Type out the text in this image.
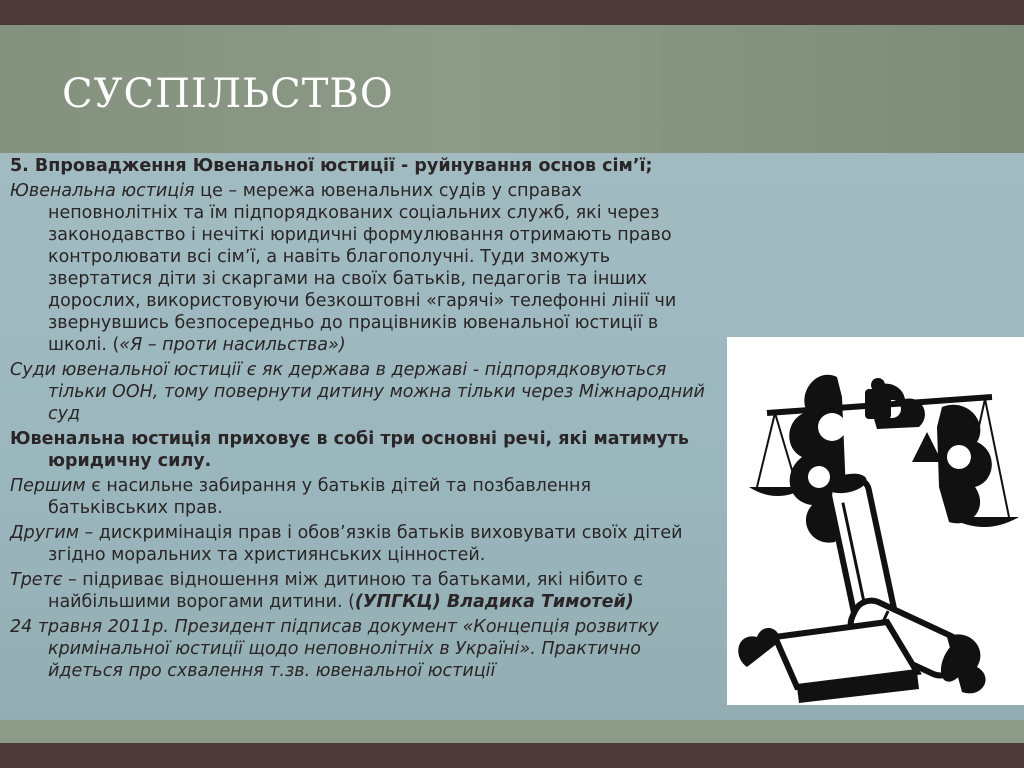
СУСПІЛЬСТВО

5. Впровадження Ювенальної юстиції - руйнування основ сім’ї;

Ювенальна юстиція це – мережа ювенальних судів у справах неповнолітніх та їм підпорядкованих соціальних служб, які через законодавство і нечіткі юридичні формулювання отримають право контролювати всі сім’ї, а навіть благополучні. Туди зможуть звертатися діти зі скаргами на своїх батьків, педагогів та інших дорослих, використовуючи безкоштовні «гарячі» телефонні лінії чи звернувшись безпосередньо до працівників ювенальної юстиції в школі. («Я – проти насильства»)

Суди ювенальної юстиції є як держава в державі - підпорядковуються тільки ООН, тому повернути дитину можна тільки через Міжнародний суд

Ювенальна юстиція приховує в собі три основні речі, які матимуть юридичну силу.

Першим є насильне забирання у батьків дітей та позбавлення батьківських прав.

Другим – дискримінація прав і обов’язків батьків виховувати своїх дітей згідно моральних та християнських цінностей.

Третє – підриває відношення між дитиною та батьками, які нібито є найбільшими ворогами дитини. ((УПГКЦ) Владика Тимотей)

24 травня 2011р. Президент підписав документ «Концепція розвитку кримінальної юстиції щодо неповнолітніх в Україні». Практично йдеться про схвалення т.зв. ювенальної юстиції
